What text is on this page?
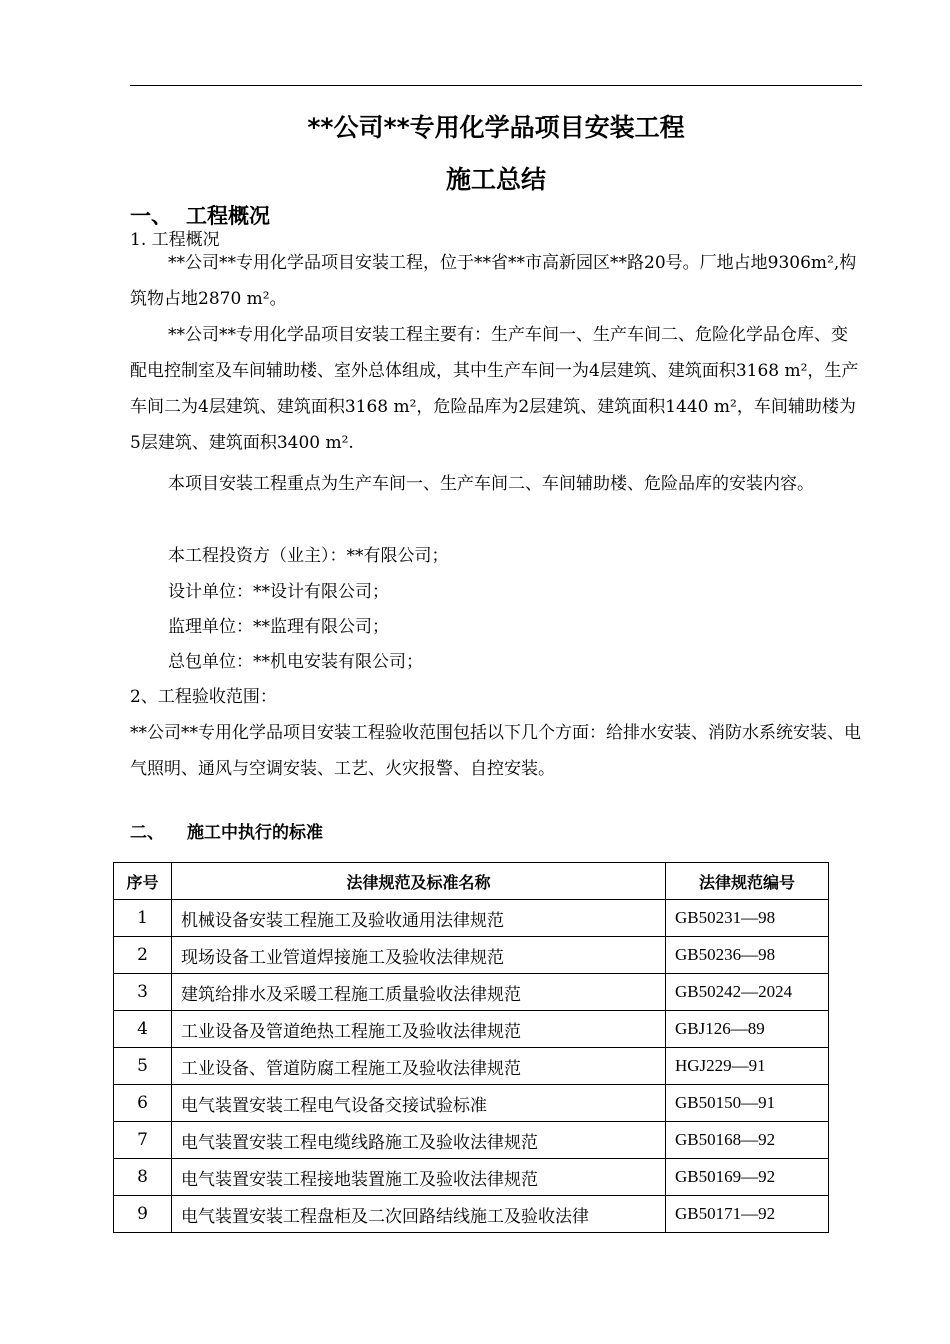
**公司**专用化学品项目安装工程
施工总结
一、 工程概况
1. 工程概况
**公司**专用化学品项目安装工程，位于**省**市高新园区**路20号。厂地占地9306m²,构筑物占地2870 m²。
**公司**专用化学品项目安装工程主要有：生产车间一、生产车间二、危险化学品仓库、变配电控制室及车间辅助楼、室外总体组成，其中生产车间一为4层建筑、建筑面积3168 m²，生产车间二为4层建筑、建筑面积3168 m²，危险品库为2层建筑、建筑面积1440 m²，车间辅助楼为5层建筑、建筑面积3400 m².
本项目安装工程重点为生产车间一、生产车间二、车间辅助楼、危险品库的安装内容。
本工程投资方（业主）：**有限公司；
设计单位：**设计有限公司；
监理单位：**监理有限公司；
总包单位：**机电安装有限公司；
2、工程验收范围：
**公司**专用化学品项目安装工程验收范围包括以下几个方面：给排水安装、消防水系统安装、电气照明、通风与空调安装、工艺、火灾报警、自控安装。
二、 施工中执行的标准
序号	法律规范及标准名称	法律规范编号
1	机械设备安装工程施工及验收通用法律规范	GB50231—98
2	现场设备工业管道焊接施工及验收法律规范	GB50236—98
3	建筑给排水及采暖工程施工质量验收法律规范	GB50242—2024
4	工业设备及管道绝热工程施工及验收法律规范	GBJ126—89
5	工业设备、管道防腐工程施工及验收法律规范	HGJ229—91
6	电气装置安装工程电气设备交接试验标准	GB50150—91
7	电气装置安装工程电缆线路施工及验收法律规范	GB50168—92
8	电气装置安装工程接地装置施工及验收法律规范	GB50169—92
9	电气装置安装工程盘柜及二次回路结线施工及验收法律	GB50171—92
